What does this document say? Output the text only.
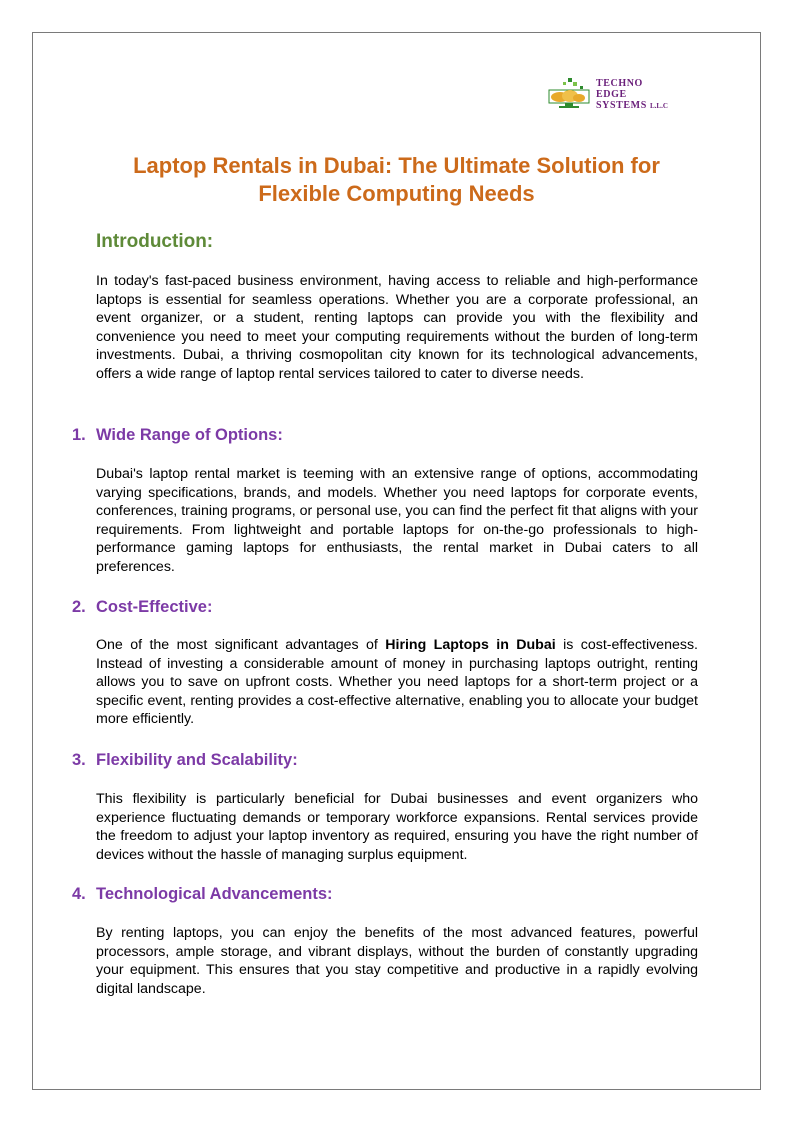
TECHNO
EDGE
SYSTEMS L.L.C
Laptop Rentals in Dubai: The Ultimate Solution for Flexible Computing Needs
Introduction:

In today's fast-paced business environment, having access to reliable and high-performance laptops is essential for seamless operations. Whether you are a corporate professional, an event organizer, or a student, renting laptops can provide you with the flexibility and convenience you need to meet your computing requirements without the burden of long-term investments. Dubai, a thriving cosmopolitan city known for its technological advancements, offers a wide range of laptop rental services tailored to cater to diverse needs.

1. Wide Range of Options:

Dubai's laptop rental market is teeming with an extensive range of options, accommodating varying specifications, brands, and models. Whether you need laptops for corporate events, conferences, training programs, or personal use, you can find the perfect fit that aligns with your requirements. From lightweight and portable laptops for on-the-go professionals to high-performance gaming laptops for enthusiasts, the rental market in Dubai caters to all preferences.

2. Cost-Effective:

One of the most significant advantages of Hiring Laptops in Dubai is cost-effectiveness. Instead of investing a considerable amount of money in purchasing laptops outright, renting allows you to save on upfront costs. Whether you need laptops for a short-term project or a specific event, renting provides a cost-effective alternative, enabling you to allocate your budget more efficiently.

3. Flexibility and Scalability:

This flexibility is particularly beneficial for Dubai businesses and event organizers who experience fluctuating demands or temporary workforce expansions. Rental services provide the freedom to adjust your laptop inventory as required, ensuring you have the right number of devices without the hassle of managing surplus equipment.

4. Technological Advancements:

By renting laptops, you can enjoy the benefits of the most advanced features, powerful processors, ample storage, and vibrant displays, without the burden of constantly upgrading your equipment. This ensures that you stay competitive and productive in a rapidly evolving digital landscape.
